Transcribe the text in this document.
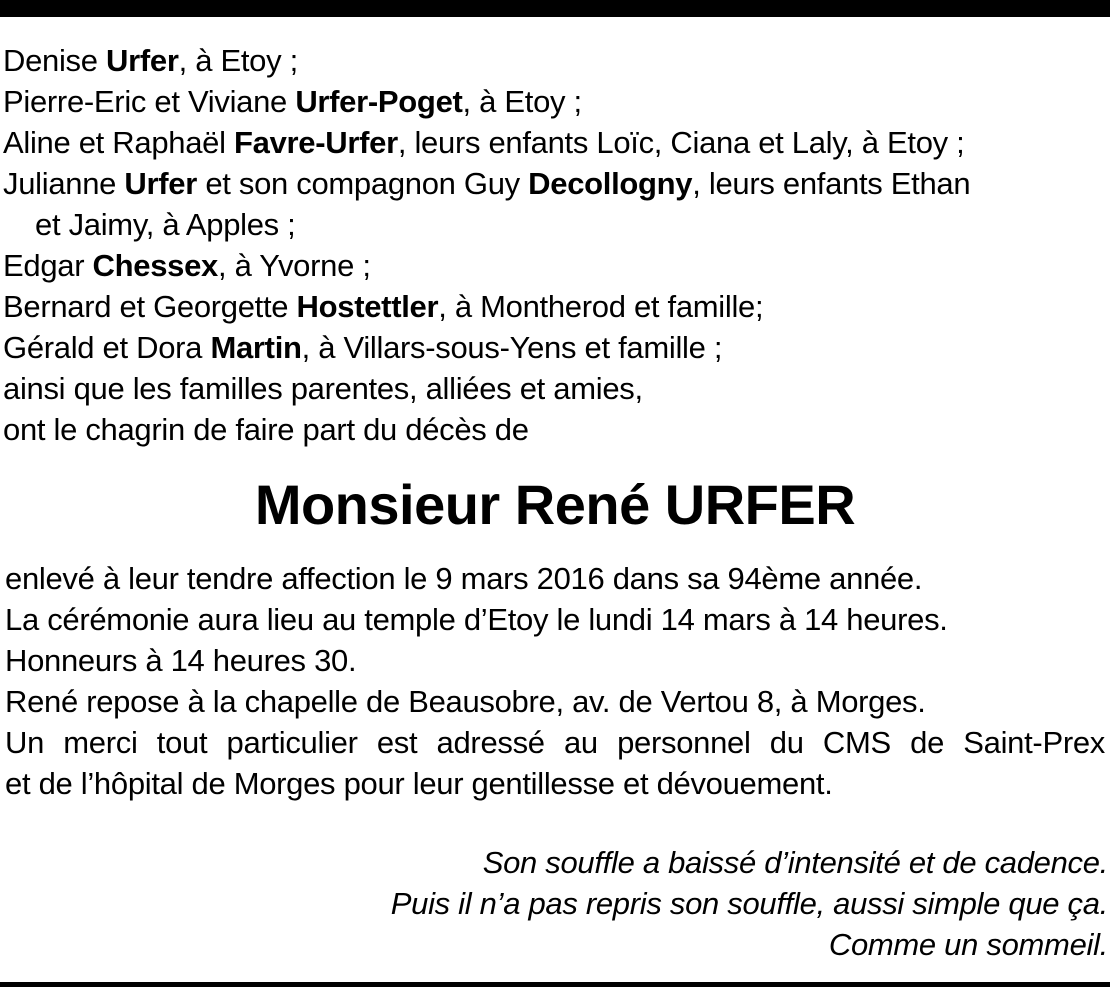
Denise Urfer, à Etoy ;
Pierre-Eric et Viviane Urfer-Poget, à Etoy ;
Aline et Raphaël Favre-Urfer, leurs enfants Loïc, Ciana et Laly, à Etoy ;
Julianne Urfer et son compagnon Guy Decollogny, leurs enfants Ethan
et Jaimy, à Apples ;
Edgar Chessex, à Yvorne ;
Bernard et Georgette Hostettler, à Montherod et famille;
Gérald et Dora Martin, à Villars-sous-Yens et famille ;
ainsi que les familles parentes, alliées et amies,
ont le chagrin de faire part du décès de
Monsieur René URFER
enlevé à leur tendre affection le 9 mars 2016 dans sa 94ème année.
La cérémonie aura lieu au temple d’Etoy le lundi 14 mars à 14 heures.
Honneurs à 14 heures 30.
René repose à la chapelle de Beausobre, av. de Vertou 8, à Morges.
Un merci tout particulier est adressé au personnel du CMS de Saint-Prex
et de l’hôpital de Morges pour leur gentillesse et dévouement.
Son souffle a baissé d’intensité et de cadence.
Puis il n’a pas repris son souffle, aussi simple que ça.
Comme un sommeil.
